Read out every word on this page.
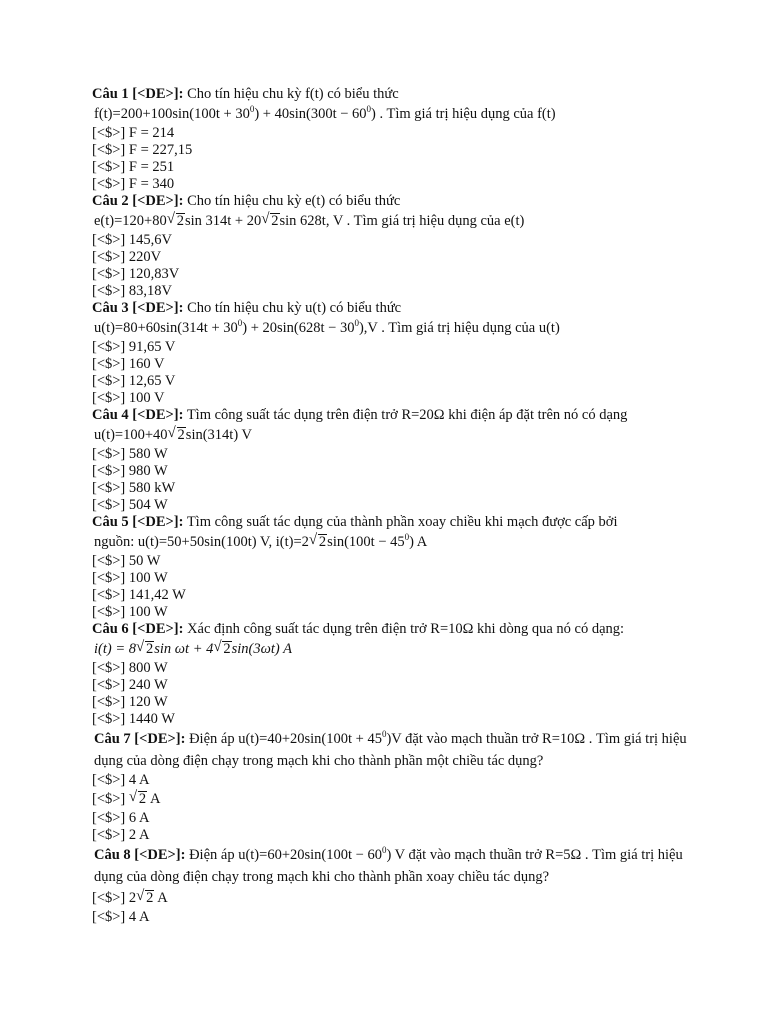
Câu 1 [<DE>]: Cho tín hiệu chu kỳ f(t) có biểu thức
$f(t)=200+100\sin(100t + 30^0) + 40\sin(300t - 60^0)$ . Tìm giá trị hiệu dụng của f(t)
[<$>] F = 214
[<$>] F = 227,15
[<$>] F = 251
[<$>] F = 340
Câu 2 [<DE>]: Cho tín hiệu chu kỳ e(t) có biểu thức
e(t)=120+80 √ 2sin 314t + 20 √ 2sin 628t, V . Tìm giá trị hiệu dụng của e(t)
[<$>] 145,6V
[<$>] 220V
[<$>] 120,83V
[<$>] 83,18V
Câu 3 [<DE>]: Cho tín hiệu chu kỳ u(t) có biểu thức
$u(t)=80+60\sin(314t + 30^0) + 20\sin(628t - 30^0),V$ . Tìm giá trị hiệu dụng của u(t)
[<$>] 91,65 V
[<$>] 160 V
[<$>] 12,65 V
[<$>] 100 V
Câu 4 [<DE>]: Tìm công suất tác dụng trên điện trở R=20Ω khi điện áp đặt trên nó có dạng
u(t)=100+40 √ 2sin(314t) V
[<$>] 580 W
[<$>] 980 W
[<$>] 580 kW
[<$>] 504 W
Câu 5 [<DE>]: Tìm công suất tác dụng của thành phần xoay chiều khi mạch được cấp bởi
nguồn: u(t)=50+50sin(100t) V, i(t)=2 √ $2\sin(100t - 45^0)$ A
[<$>] 50 W
[<$>] 100 W
[<$>] 141,42 W
[<$>] 100 W
Câu 6 [<DE>]: Xác định công suất tác dụng trên điện trở R=10Ω khi dòng qua nó có dạng:
i(t) = 8 √ 2sin ωt + 4 √ 2sin(3ωt) A
[<$>] 800 W
[<$>] 240 W
[<$>] 120 W
[<$>] 1440 W
Câu 7 [<DE>]: Điện áp $u(t)=40+20\sin(100t + 45^0)V$ đặt vào mạch thuần trở R=10Ω . Tìm giá trị hiệu dụng của dòng điện chạy trong mạch khi cho thành phần một chiều tác dụng?
[<$>] 4 A
[<$>] √ 2 A
[<$>] 6 A
[<$>] 2 A
Câu 8 [<DE>]: Điện áp $u(t)=60+20\sin(100t - 60^0)$ V đặt vào mạch thuần trở R=5Ω . Tìm giá trị hiệu dụng của dòng điện chạy trong mạch khi cho thành phần xoay chiều tác dụng?
[<$>] 2 √ 2 A
[<$>] 4 A
